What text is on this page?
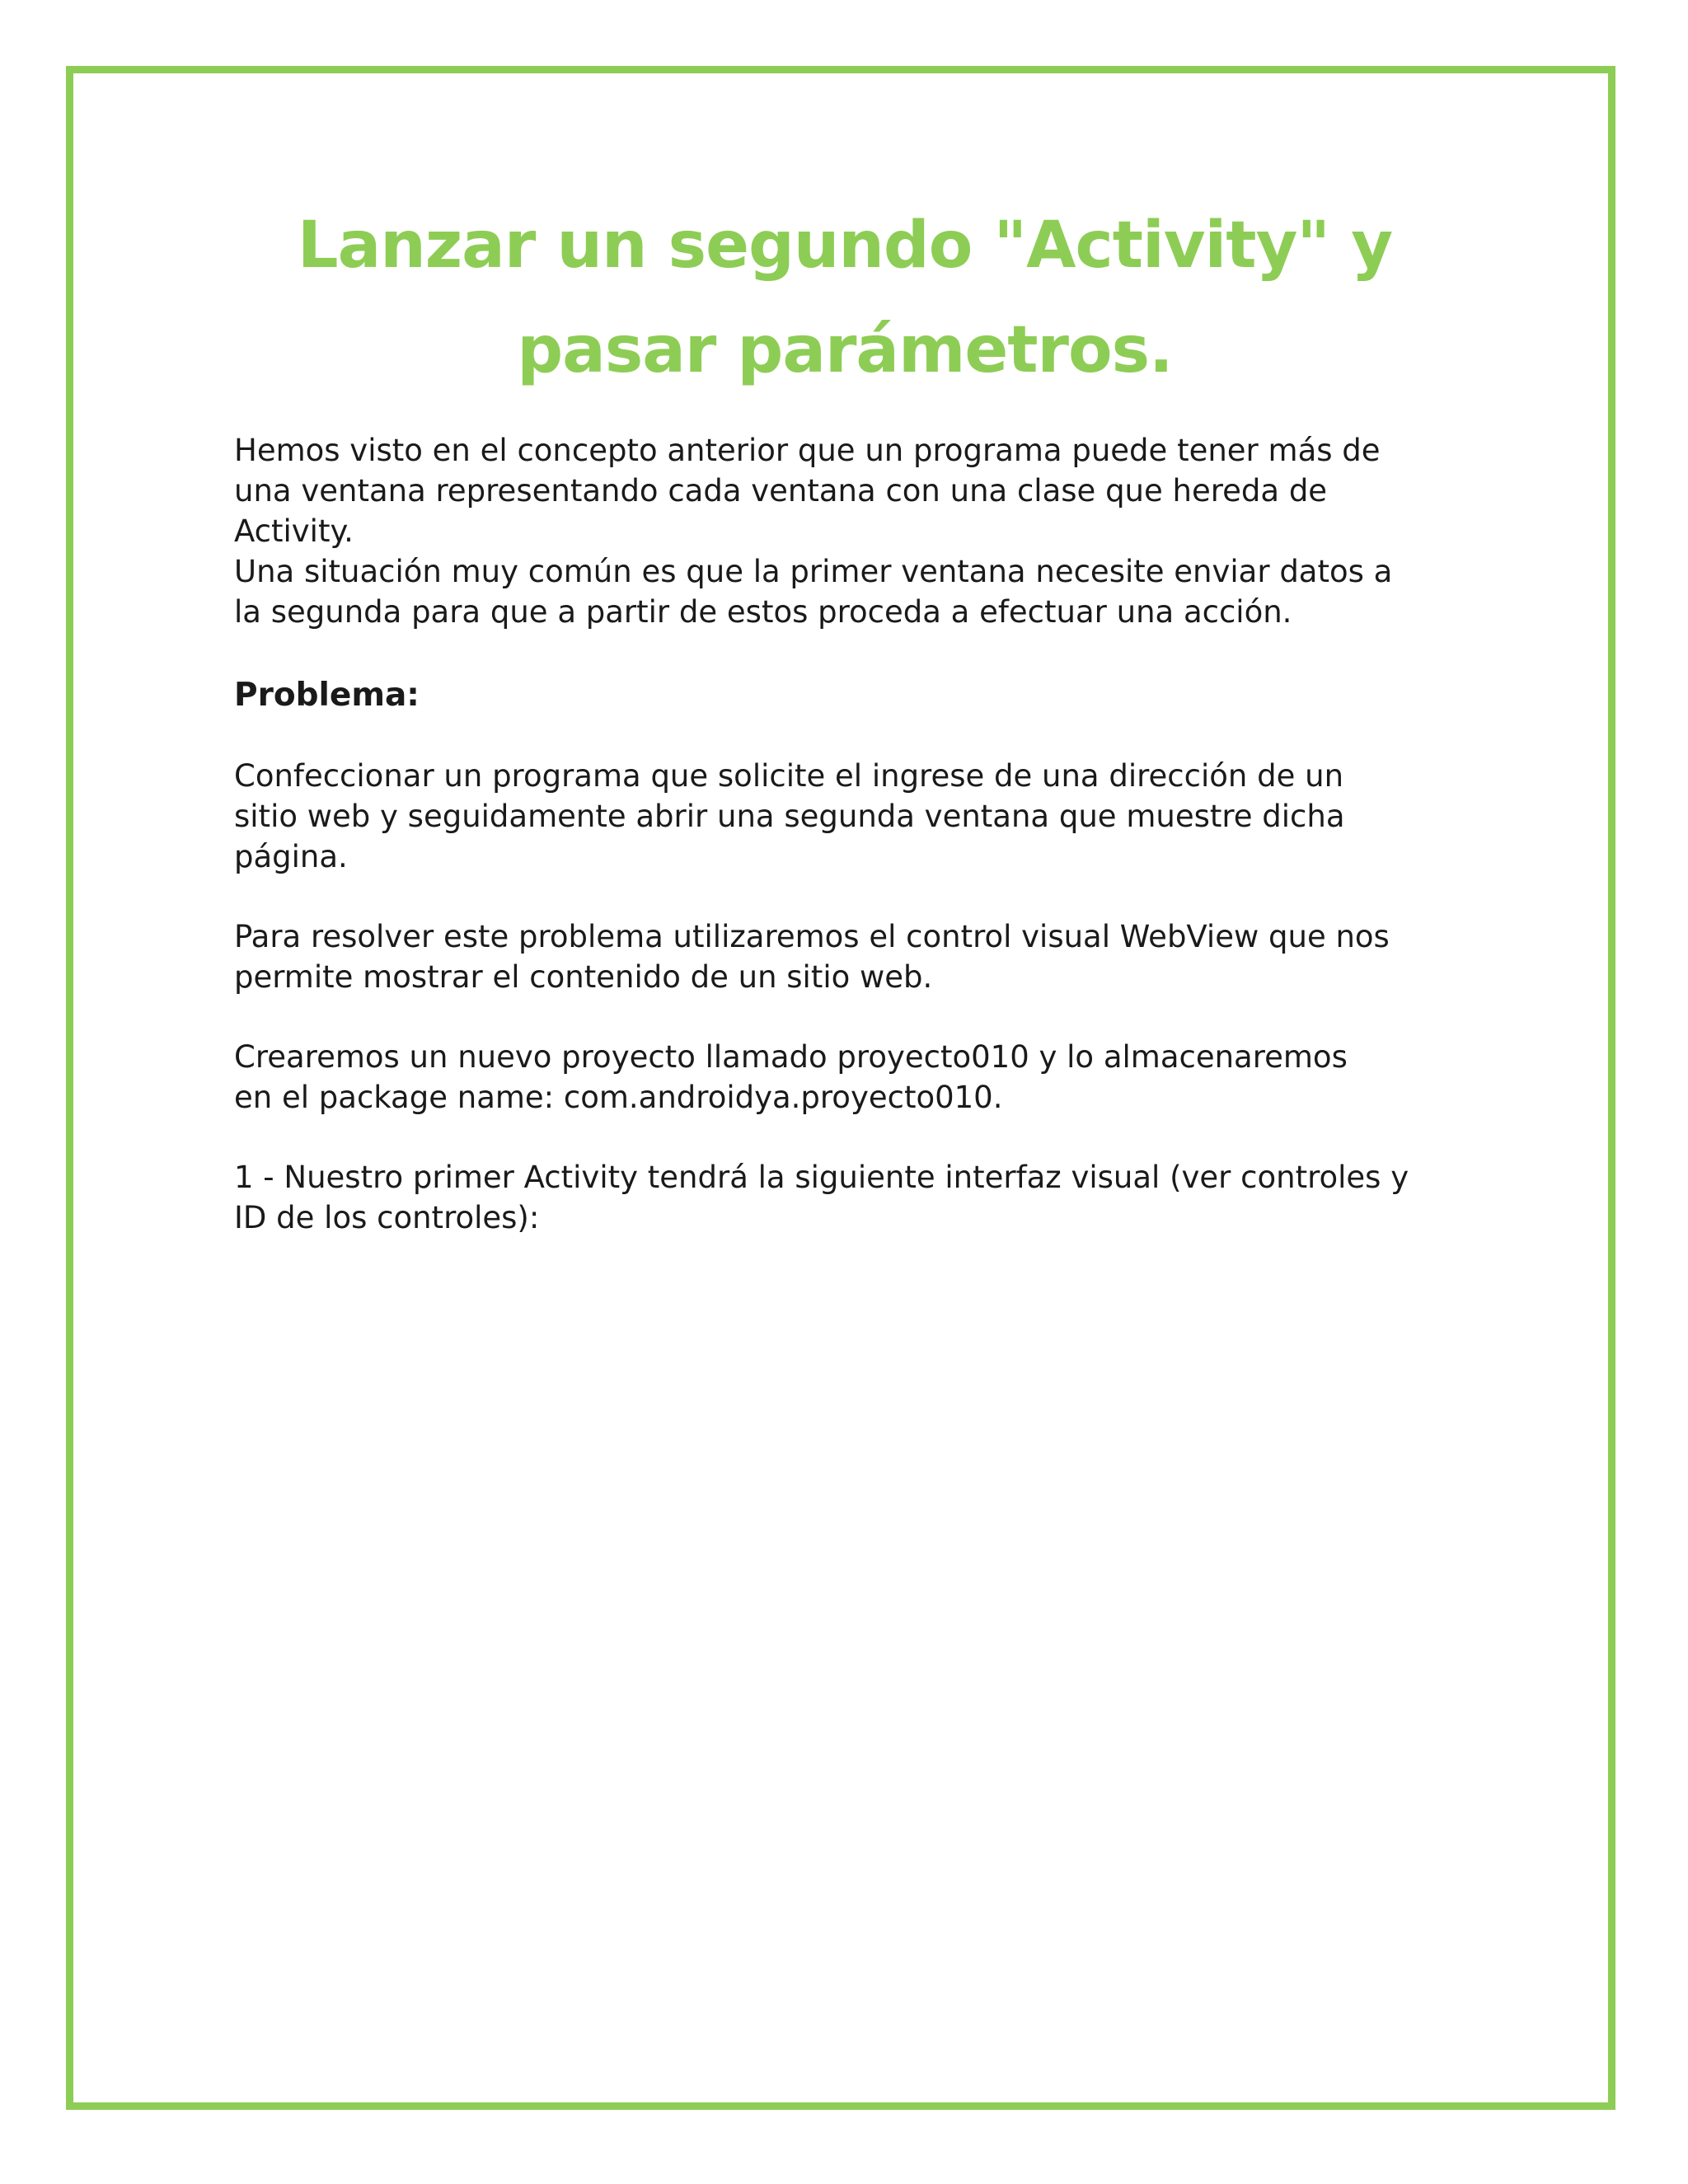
Lanzar un segundo "Activity" y
pasar parámetros.

Hemos visto en el concepto anterior que un programa puede tener más de
una ventana representando cada ventana con una clase que hereda de
Activity.
Una situación muy común es que la primer ventana necesite enviar datos a
la segunda para que a partir de estos proceda a efectuar una acción.

Problema:

Confeccionar un programa que solicite el ingrese de una dirección de un
sitio web y seguidamente abrir una segunda ventana que muestre dicha
página.

Para resolver este problema utilizaremos el control visual WebView que nos
permite mostrar el contenido de un sitio web.

Crearemos un nuevo proyecto llamado proyecto010 y lo almacenaremos
en el package name: com.androidya.proyecto010.

1 - Nuestro primer Activity tendrá la siguiente interfaz visual (ver controles y
ID de los controles):
